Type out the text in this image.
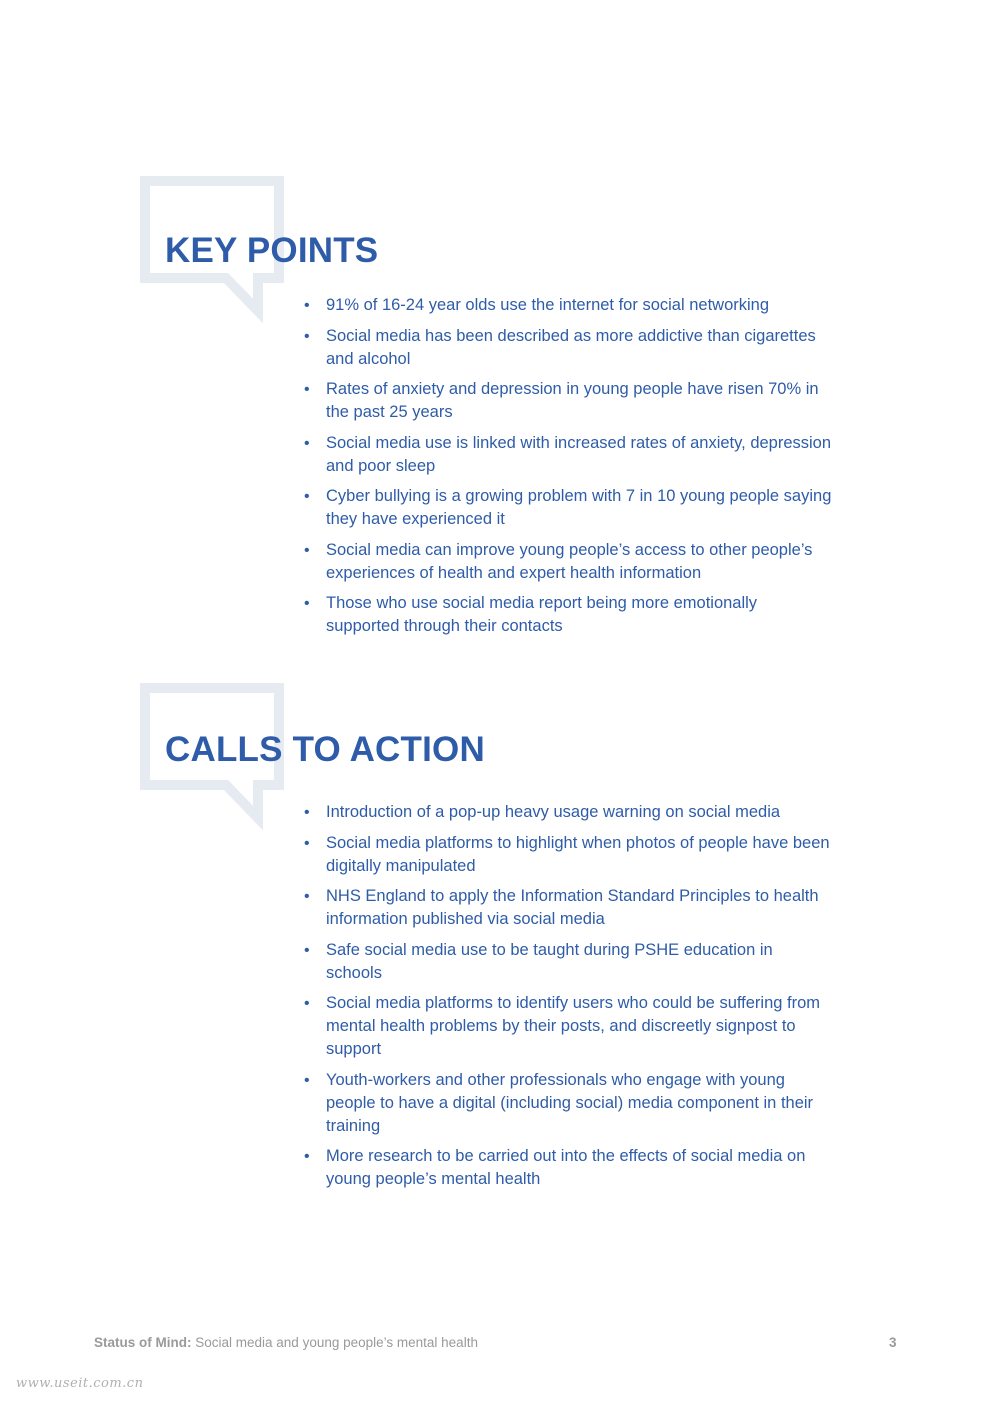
KEY POINTS
• 91% of 16-24 year olds use the internet for social networking
• Social media has been described as more addictive than cigarettes and alcohol
• Rates of anxiety and depression in young people have risen 70% in the past 25 years
• Social media use is linked with increased rates of anxiety, depression and poor sleep
• Cyber bullying is a growing problem with 7 in 10 young people saying they have experienced it
• Social media can improve young people’s access to other people’s experiences of health and expert health information
• Those who use social media report being more emotionally supported through their contacts
CALLS TO ACTION
• Introduction of a pop-up heavy usage warning on social media
• Social media platforms to highlight when photos of people have been digitally manipulated
• NHS England to apply the Information Standard Principles to health information published via social media
• Safe social media use to be taught during PSHE education in schools
• Social media platforms to identify users who could be suffering from mental health problems by their posts, and discreetly signpost to support
• Youth-workers and other professionals who engage with young people to have a digital (including social) media component in their training
• More research to be carried out into the effects of social media on young people’s mental health
Status of Mind: Social media and young people’s mental health	3
www.useit.com.cn
